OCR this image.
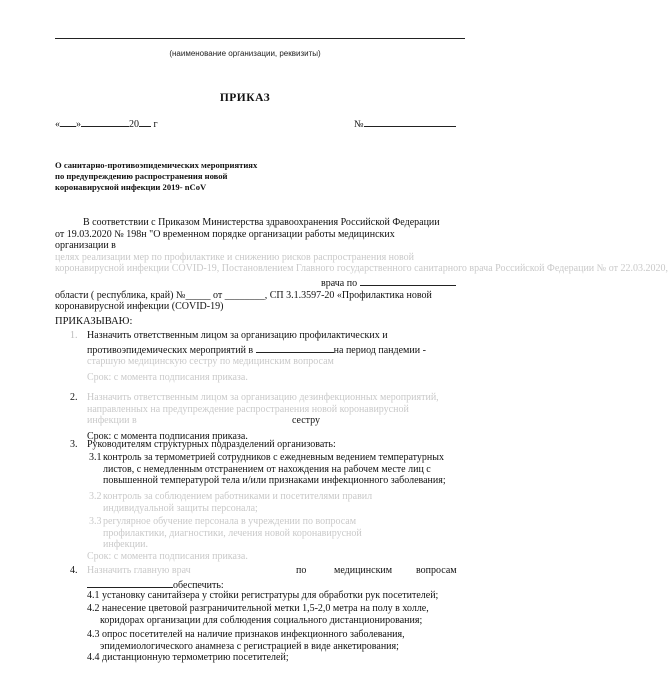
(наименование организации, реквизиты)
ПРИКАЗ
« »	20 г	№
О санитарно-противоэпидемических мероприятиях
по предупреждению распространения новой
коронавирусной инфекции 2019- nCoV
В соответствии с Приказом Министерства здравоохранения Российской Федерации
от 19.03.2020 № 198н "О временном порядке организации работы медицинских
организации в
целях реализации мер по профилактике и снижению рисков распространения новой
коронавирусной инфекции COVID-19, Постановлением Главного государственного санитарного врача Российской Федерации № от 22.03.2020,
врача по
области ( республика, край) №_____ от ________, СП 3.1.3597-20 «Профилактика новой
коронавирусной инфекции (COVID-19)
ПРИКАЗЫВАЮ:
1. Назначить ответственным лицом за организацию профилактических и
противоэпидемических мероприятий в	на период пандемии -
старшую медицинскую сестру по медицинским вопросам
Срок: с момента подписания приказа.
2. Назначить ответственным лицом за организацию дезинфекционных мероприятий,
направленных на предупреждение распространения новой коронавирусной
инфекции в	сестру
Срок: с момента подписания приказа.
3. Руководителям структурных подразделений организовать:
3.1 контроль за термометрией сотрудников с ежедневным ведением температурных
листов, с немедленным отстранением от нахождения на рабочем месте лиц с
повышенной температурой тела и/или признаками инфекционного заболевания;
3.2 контроль за соблюдением работниками и посетителями правил
индивидуальной защиты персонала;
3.3 регулярное обучение персонала в учреждении по вопросам
профилактики, диагностики, лечения новой коронавирусной
инфекции.
Срок: с момента подписания приказа.
4. Назначить главную врач	по	медицинским вопросам
обеспечить:
4.1 установку санитайзера у стойки регистратуры для обработки рук посетителей;
4.2 нанесение цветовой разграничительной метки 1,5-2,0 метра на полу в холле,
коридорах организации для соблюдения социального дистанционирования;
4.3 опрос посетителей на наличие признаков инфекционного заболевания,
эпидемиологического анамнеза с регистрацией в виде анкетирования;
4.4 дистанционную термометрию посетителей;
